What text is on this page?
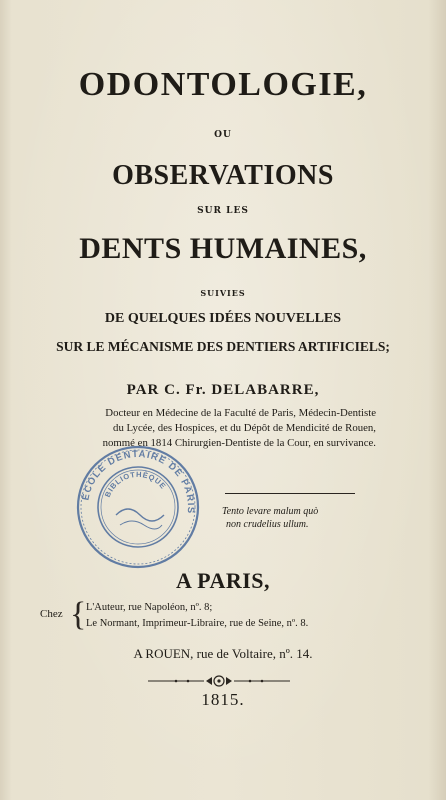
ODONTOLOGIE,
OU
OBSERVATIONS
SUR LES
DENTS HUMAINES,
SUIVIES
DE QUELQUES IDÉES NOUVELLES
SUR LE MÉCANISME DES DENTIERS ARTIFICIELS;
PAR C. Fr. DELABARRE,
Docteur en Médecine de la Faculté de Paris, Médecin-Dentiste
du Lycée, des Hospices, et du Dépôt de Mendicité de Rouen,
nommé en 1814 Chirurgien-Dentiste de la Cour, en survivance.
ÉCOLE DENTAIRE DE PARIS
BIBLIOTHÈQUE
Tento levare malum quò
non crudelius ullum.
A PARIS,
Chez { L'Auteur, rue Napoléon, nº. 8;
Le Normant, Imprimeur-Libraire, rue de Seine, nº. 8.
A ROUEN, rue de Voltaire, nº. 14.
1815.
